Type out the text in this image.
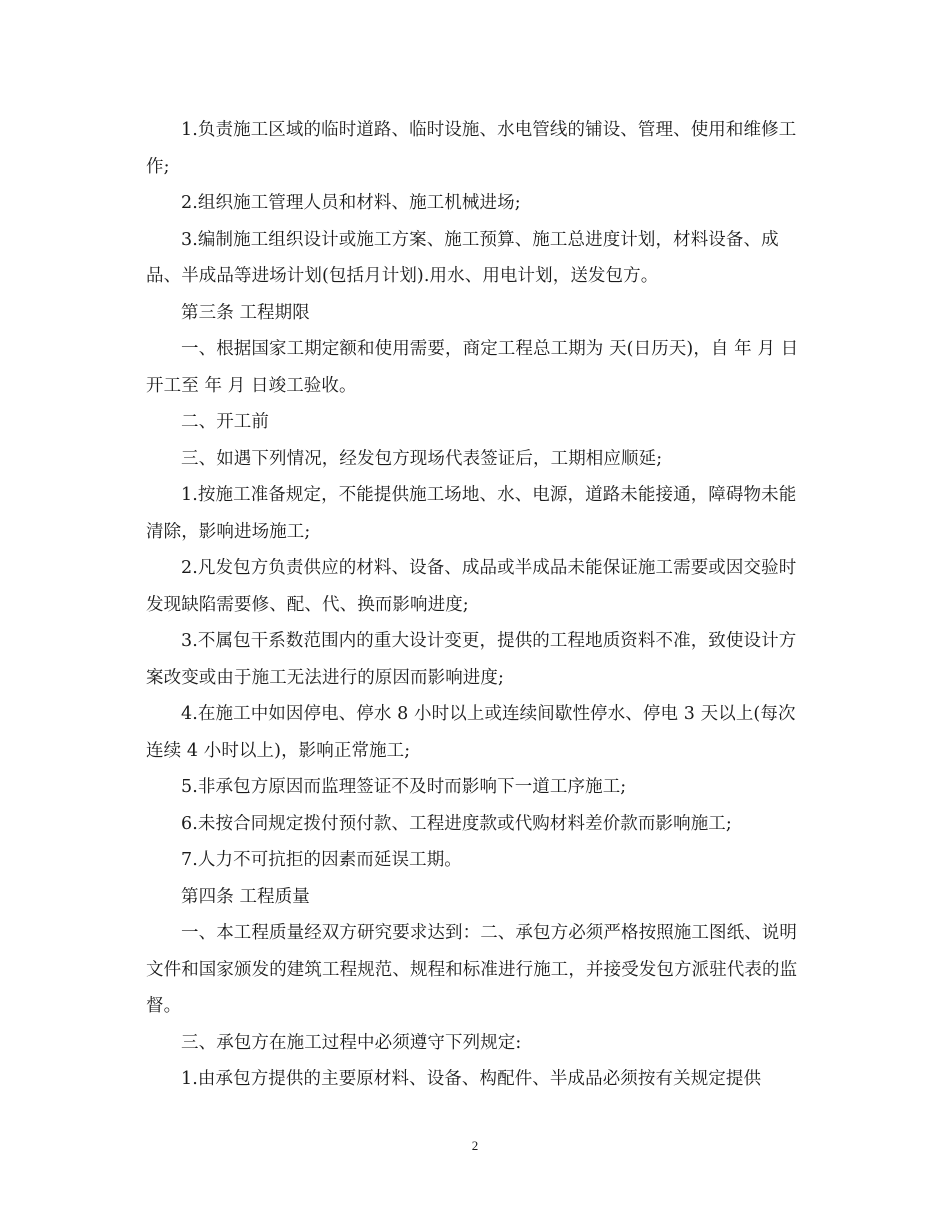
1.负责施工区域的临时道路、临时设施、水电管线的铺设、管理、使用和维修工作;

2.组织施工管理人员和材料、施工机械进场;

3.编制施工组织设计或施工方案、施工预算、施工总进度计划，材料设备、成品、半成品等进场计划(包括月计划).用水、用电计划，送发包方。

第三条 工程期限

一、根据国家工期定额和使用需要，商定工程总工期为 天(日历天)，自 年 月 日开工至 年 月 日竣工验收。

二、开工前

三、如遇下列情况，经发包方现场代表签证后，工期相应顺延;

1.按施工准备规定，不能提供施工场地、水、电源，道路未能接通，障碍物未能清除，影响进场施工;

2.凡发包方负责供应的材料、设备、成品或半成品未能保证施工需要或因交验时发现缺陷需要修、配、代、换而影响进度;

3.不属包干系数范围内的重大设计变更，提供的工程地质资料不准，致使设计方案改变或由于施工无法进行的原因而影响进度;

4.在施工中如因停电、停水 8 小时以上或连续间歇性停水、停电 3 天以上(每次连续 4 小时以上)，影响正常施工;

5.非承包方原因而监理签证不及时而影响下一道工序施工;

6.未按合同规定拨付预付款、工程进度款或代购材料差价款而影响施工;

7.人力不可抗拒的因素而延误工期。

第四条 工程质量

一、本工程质量经双方研究要求达到：二、承包方必须严格按照施工图纸、说明文件和国家颁发的建筑工程规范、规程和标准进行施工，并接受发包方派驻代表的监督。

三、承包方在施工过程中必须遵守下列规定:

1.由承包方提供的主要原材料、设备、构配件、半成品必须按有关规定提供

2
